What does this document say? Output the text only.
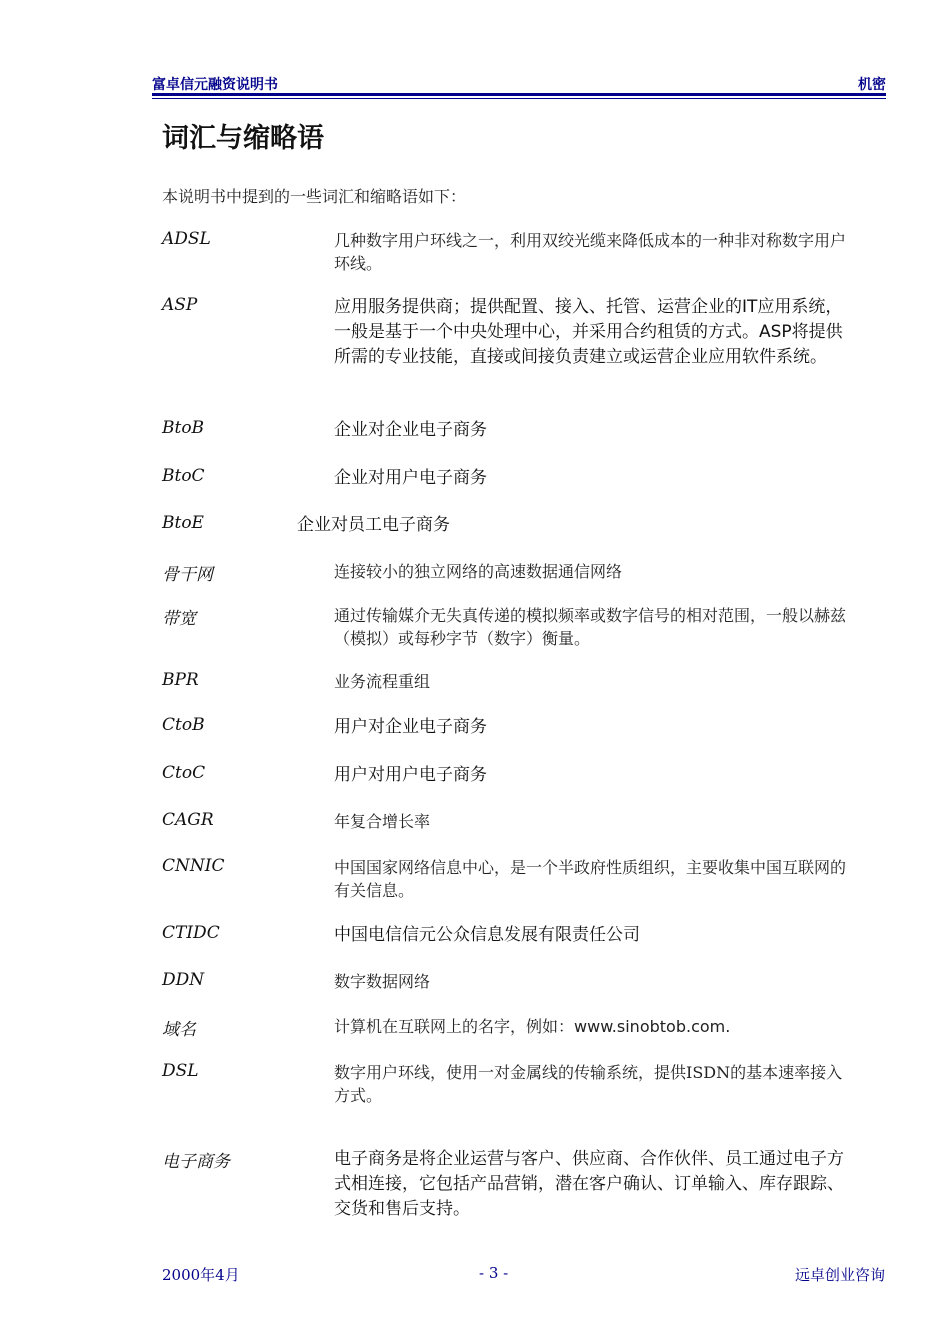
富卓信元融资说明书	机密
词汇与缩略语
本说明书中提到的一些词汇和缩略语如下：
ADSL	几种数字用户环线之一，利用双绞光缆来降低成本的一种非对称数字用户环线。
ASP	应用服务提供商；提供配置、接入、托管、运营企业的IT应用系统，一般是基于一个中央处理中心，并采用合约租赁的方式。ASP将提供所需的专业技能，直接或间接负责建立或运营企业应用软件系统。
BtoB	企业对企业电子商务
BtoC	企业对用户电子商务
BtoE	企业对员工电子商务
骨干网	连接较小的独立网络的高速数据通信网络
带宽	通过传输媒介无失真传递的模拟频率或数字信号的相对范围，一般以赫兹（模拟）或每秒字节（数字）衡量。
BPR	业务流程重组
CtoB	用户对企业电子商务
CtoC	用户对用户电子商务
CAGR	年复合增长率
CNNIC	中国国家网络信息中心，是一个半政府性质组织，主要收集中国互联网的有关信息。
CTIDC	中国电信信元公众信息发展有限责任公司
DDN	数字数据网络
域名	计算机在互联网上的名字，例如：www.sinobtob.com.
DSL	数字用户环线，使用一对金属线的传输系统，提供ISDN的基本速率接入方式。
电子商务	电子商务是将企业运营与客户、供应商、合作伙伴、员工通过电子方式相连接，它包括产品营销，潜在客户确认、订单输入、库存跟踪、交货和售后支持。
2000年4月	- 3 -	远卓创业咨询
